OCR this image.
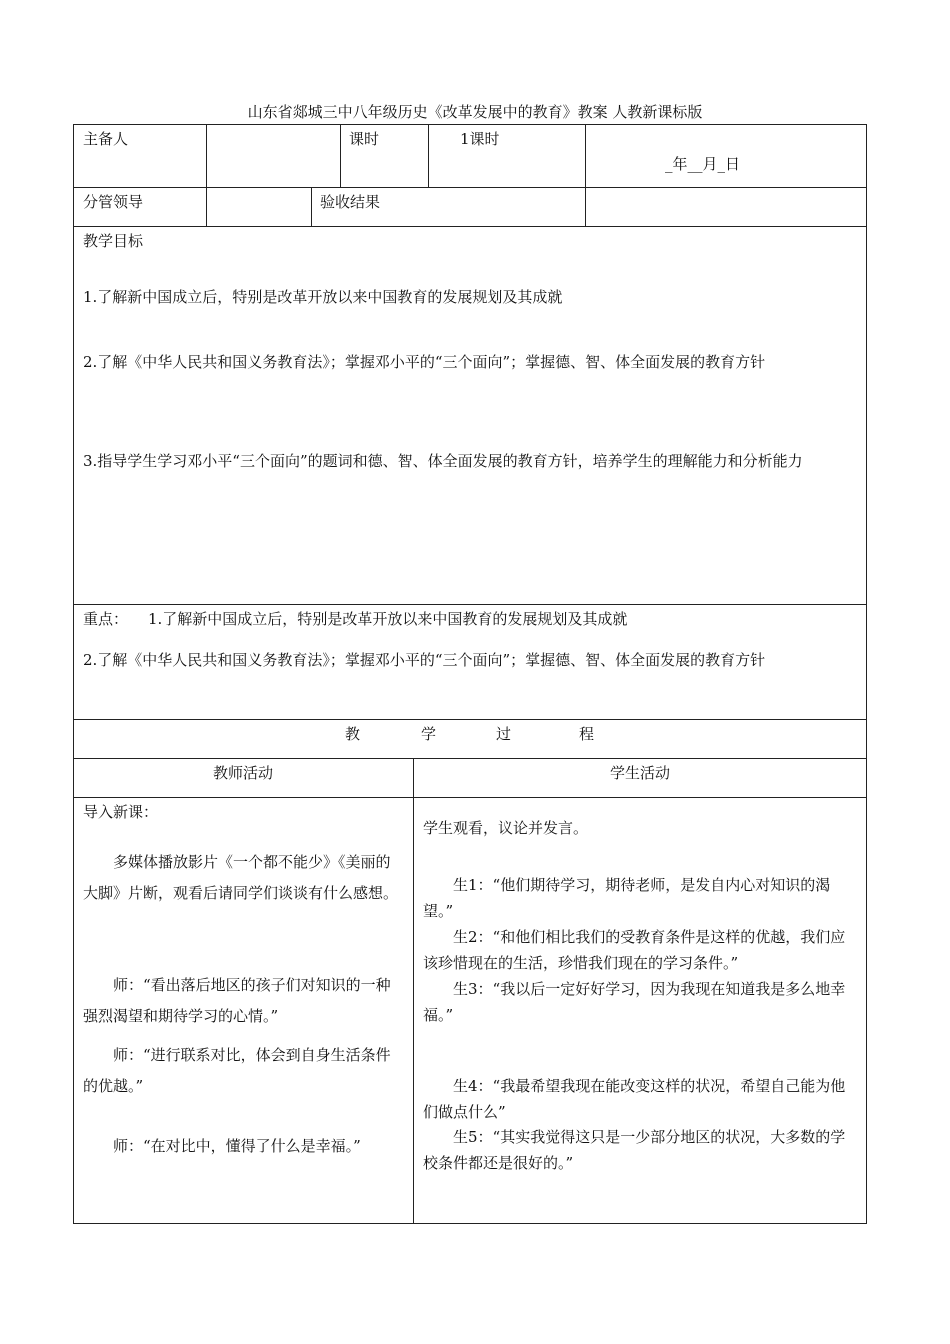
山东省郯城三中八年级历史《改革发展中的教育》教案 人教新课标版
主备人	课时	1课时
_年__月_日
分管领导	验收结果
教学目标
1.了解新中国成立后，特别是改革开放以来中国教育的发展规划及其成就
2.了解《中华人民共和国义务教育法》；掌握邓小平的“三个面向”；掌握德、智、体全面发展的教育方针
3.指导学生学习邓小平“三个面向”的题词和德、智、体全面发展的教育方针，培养学生的理解能力和分析能力
重点： 1.了解新中国成立后，特别是改革开放以来中国教育的发展规划及其成就
2.了解《中华人民共和国义务教育法》；掌握邓小平的“三个面向”；掌握德、智、体全面发展的教育方针
教	学	过	程
教师活动	学生活动
导入新课：
多媒体播放影片《一个都不能少》《美丽的大脚》片断，观看后请同学们谈谈有什么感想。
师：“看出落后地区的孩子们对知识的一种强烈渴望和期待学习的心情。”
师：“进行联系对比，体会到自身生活条件的优越。”
师：“在对比中，懂得了什么是幸福。”
学生观看，议论并发言。
生1：“他们期待学习，期待老师，是发自内心对知识的渴望。”
生2：“和他们相比我们的受教育条件是这样的优越，我们应该珍惜现在的生活，珍惜我们现在的学习条件。”
生3：“我以后一定好好学习，因为我现在知道我是多么地幸福。”
生4：“我最希望我现在能改变这样的状况，希望自己能为他们做点什么”
生5：“其实我觉得这只是一少部分地区的状况，大多数的学校条件都还是很好的。”
